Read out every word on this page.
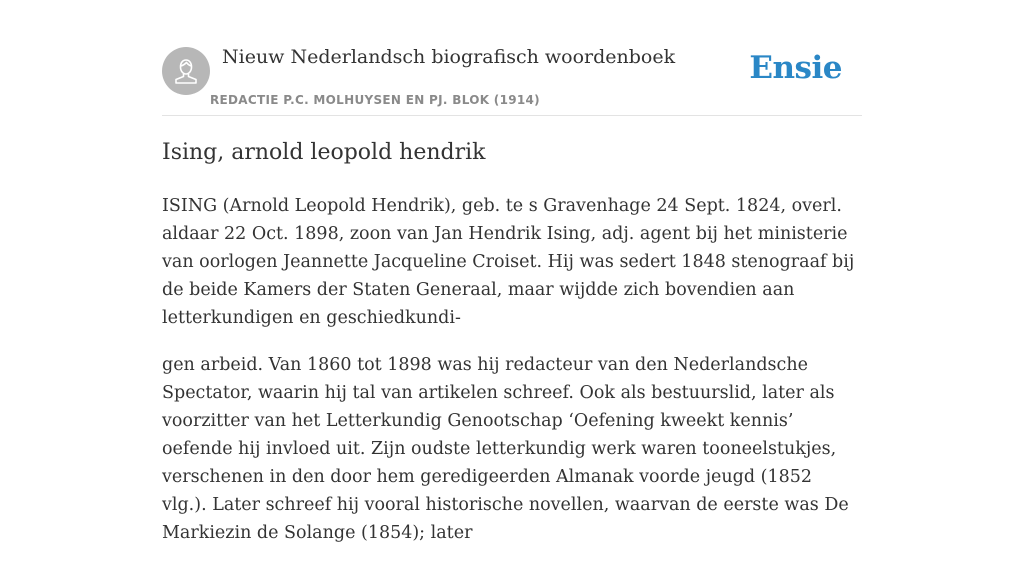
Nieuw Nederlandsch biografisch woordenboek
REDACTIE P.C. MOLHUYSEN EN PJ. BLOK (1914)
Ensie
Ising, arnold leopold hendrik

ISING (Arnold Leopold Hendrik), geb. te s Gravenhage 24 Sept. 1824, overl. aldaar 22 Oct. 1898, zoon van Jan Hendrik Ising, adj. agent bij het ministerie van oorlogen Jeannette Jacqueline Croiset. Hij was sedert 1848 stenograaf bij de beide Kamers der Staten Generaal, maar wijdde zich bovendien aan letterkundigen en geschiedkundi-

gen arbeid. Van 1860 tot 1898 was hij redacteur van den Nederlandsche Spectator, waarin hij tal van artikelen schreef. Ook als bestuurslid, later als voorzitter van het Letterkundig Genootschap ‘Oefening kweekt kennis’ oefende hij invloed uit. Zijn oudste letterkundig werk waren tooneelstukjes, verschenen in den door hem geredigeerden Almanak voorde jeugd (1852 vlg.). Later schreef hij vooral historische novellen, waarvan de eerste was De Markiezin de Solange (1854); later
